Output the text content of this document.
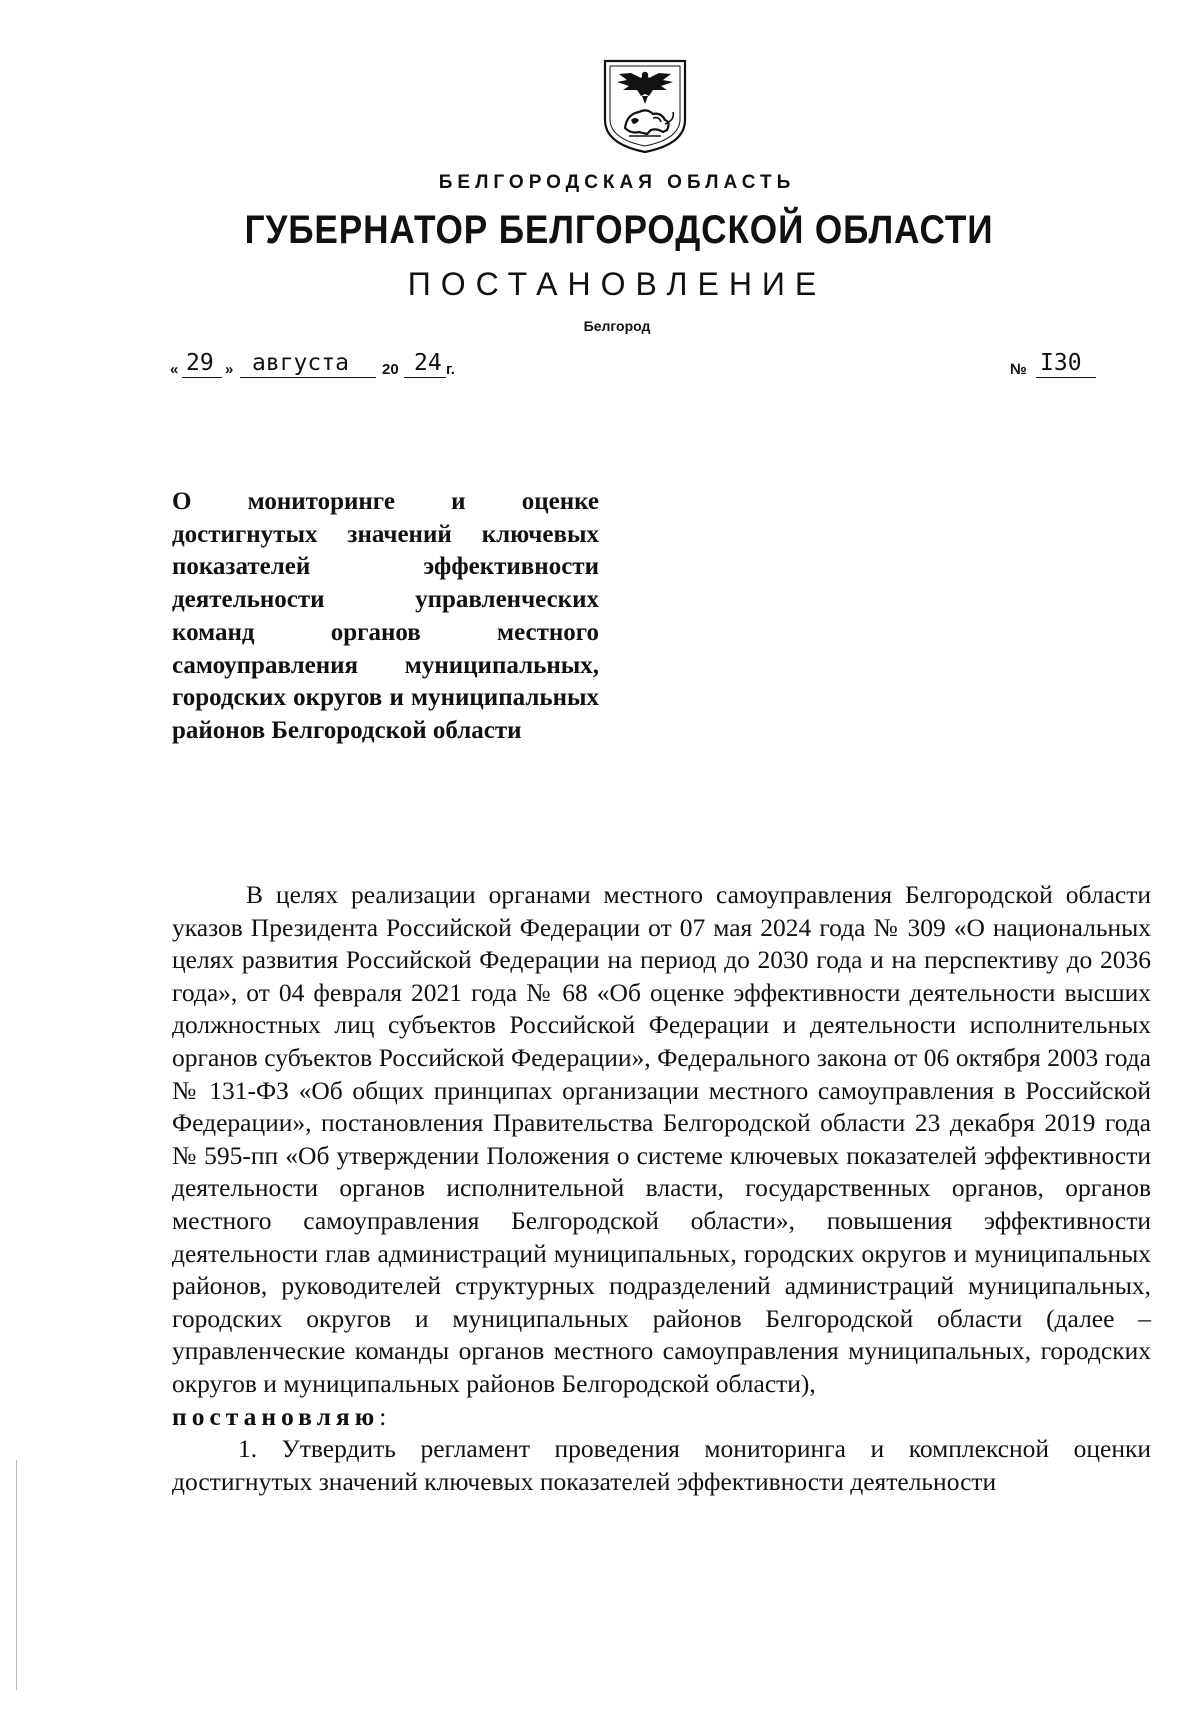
БЕЛГОРОДСКАЯ ОБЛАСТЬ
ГУБЕРНАТОР БЕЛГОРОДСКОЙ ОБЛАСТИ
ПОСТАНОВЛЕНИЕ
Белгород
« 29 » августа 20 24 г.	№ I30
О мониторинге и оценке достигнутых значений ключевых показателей эффективности деятельности управленческих команд органов местного самоуправления муниципальных, городских округов и муниципальных районов Белгородской области

В целях реализации органами местного самоуправления Белгородской области указов Президента Российской Федерации от 07 мая 2024 года № 309 «О национальных целях развития Российской Федерации на период до 2030 года и на перспективу до 2036 года», от 04 февраля 2021 года № 68 «Об оценке эффективности деятельности высших должностных лиц субъектов Российской Федерации и деятельности исполнительных органов субъектов Российской Федерации», Федерального закона от 06 октября 2003 года № 131-ФЗ «Об общих принципах организации местного самоуправления в Российской Федерации», постановления Правительства Белгородской области 23 декабря 2019 года № 595-пп «Об утверждении Положения о системе ключевых показателей эффективности деятельности органов исполнительной власти, государственных органов, органов местного самоуправления Белгородской области», повышения эффективности деятельности глав администраций муниципальных, городских округов и муниципальных районов, руководителей структурных подразделений администраций муниципальных, городских округов и муниципальных районов Белгородской области (далее – управленческие команды органов местного самоуправления муниципальных, городских округов и муниципальных районов Белгородской области),

постановляю:

1. Утвердить регламент проведения мониторинга и комплексной оценки достигнутых значений ключевых показателей эффективности деятельности
